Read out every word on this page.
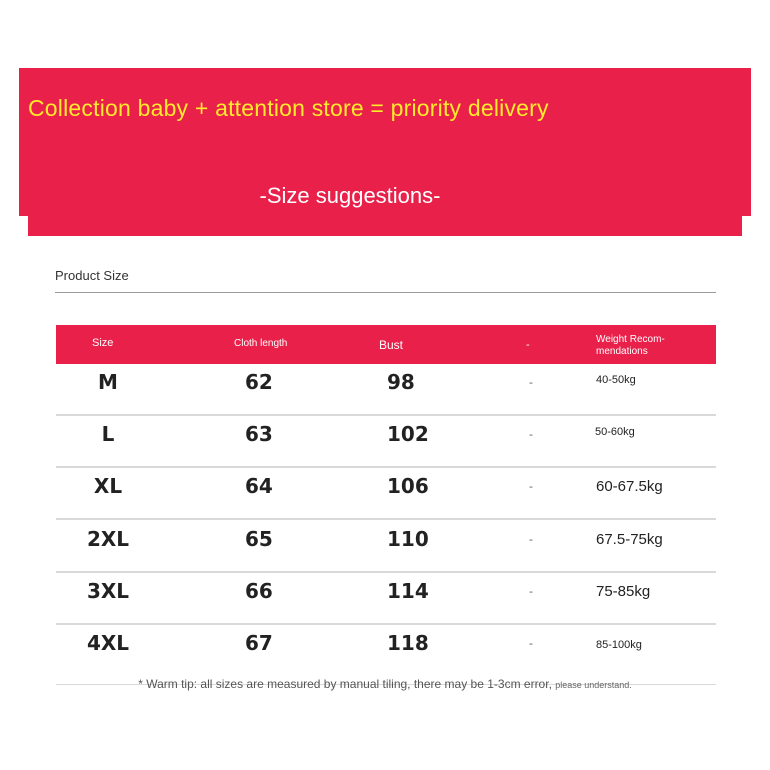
Collection baby + attention store = priority delivery
-Size suggestions-
Product Size
Size	Cloth length	Bust	-	Weight Recom-mendations
M	62	98	-	40-50kg
L	63	102	-	50-60kg
XL	64	106	-	60-67.5kg
2XL	65	110	-	67.5-75kg
3XL	66	114	-	75-85kg
4XL	67	118	-	85-100kg
* Warm tip: all sizes are measured by manual tiling, there may be 1-3cm error, please understand.
